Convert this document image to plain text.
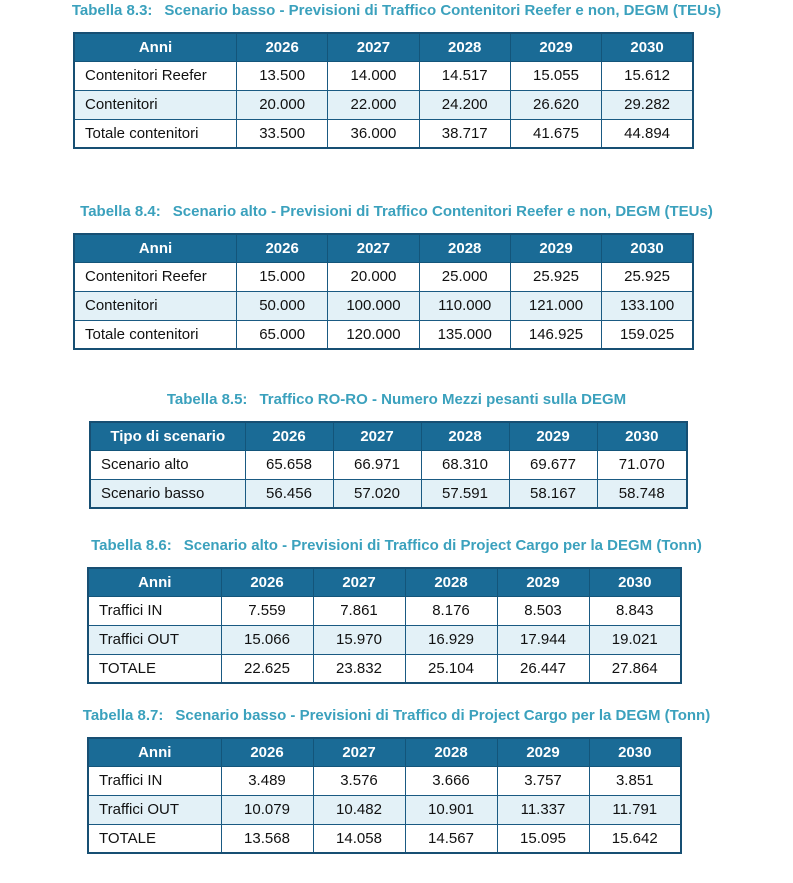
Tabella 8.3: Scenario basso - Previsioni di Traffico Contenitori Reefer e non, DEGM (TEUs)
Anni	2026	2027	2028	2029	2030
Contenitori Reefer	13.500	14.000	14.517	15.055	15.612
Contenitori	20.000	22.000	24.200	26.620	29.282
Totale contenitori	33.500	36.000	38.717	41.675	44.894
Tabella 8.4: Scenario alto - Previsioni di Traffico Contenitori Reefer e non, DEGM (TEUs)
Anni	2026	2027	2028	2029	2030
Contenitori Reefer	15.000	20.000	25.000	25.925	25.925
Contenitori	50.000	100.000	110.000	121.000	133.100
Totale contenitori	65.000	120.000	135.000	146.925	159.025
Tabella 8.5: Traffico RO-RO - Numero Mezzi pesanti sulla DEGM
Tipo di scenario	2026	2027	2028	2029	2030
Scenario alto	65.658	66.971	68.310	69.677	71.070
Scenario basso	56.456	57.020	57.591	58.167	58.748
Tabella 8.6: Scenario alto - Previsioni di Traffico di Project Cargo per la DEGM (Tonn)
Anni	2026	2027	2028	2029	2030
Traffici IN	7.559	7.861	8.176	8.503	8.843
Traffici OUT	15.066	15.970	16.929	17.944	19.021
TOTALE	22.625	23.832	25.104	26.447	27.864
Tabella 8.7: Scenario basso - Previsioni di Traffico di Project Cargo per la DEGM (Tonn)
Anni	2026	2027	2028	2029	2030
Traffici IN	3.489	3.576	3.666	3.757	3.851
Traffici OUT	10.079	10.482	10.901	11.337	11.791
TOTALE	13.568	14.058	14.567	15.095	15.642
